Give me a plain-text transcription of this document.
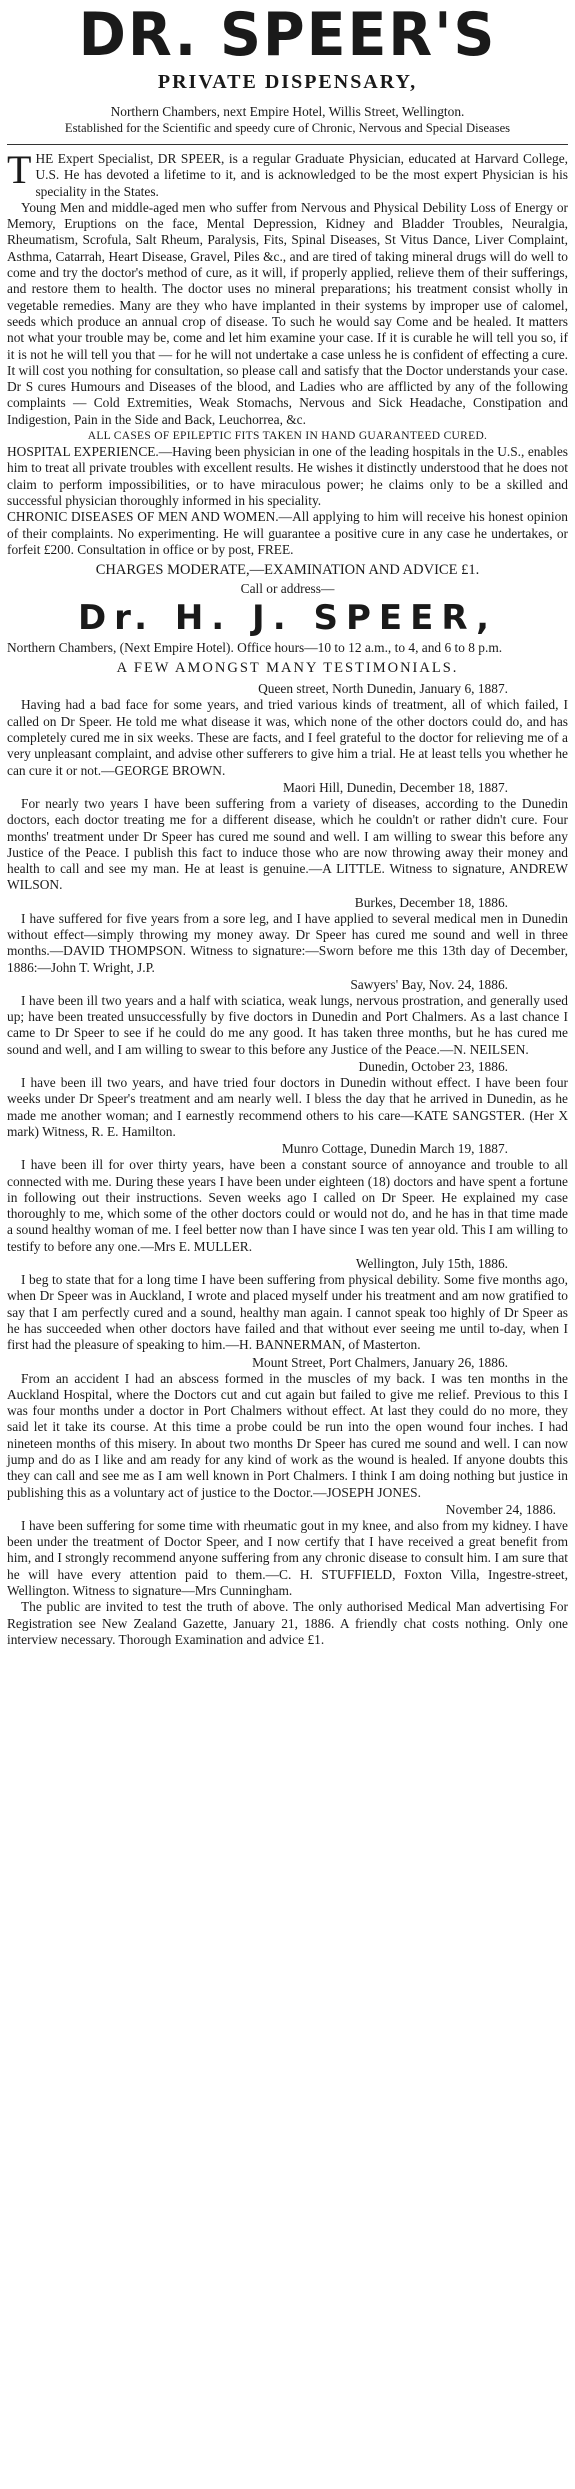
DR. SPEER'S
PRIVATE DISPENSARY,
Northern Chambers, next Empire Hotel, Willis Street, Wellington.
Established for the Scientific and speedy cure of Chronic, Nervous and Special Diseases

T HE Expert Specialist, DR SPEER, is a regular Graduate Physician, educated at Harvard College, U.S. He has devoted a lifetime to it, and is acknowledged to be the most expert Physician is his speciality in the States.

Young Men and middle-aged men who suffer from Nervous and Physical Debility Loss of Energy or Memory, Eruptions on the face, Mental Depression, Kidney and Bladder Troubles, Neuralgia, Rheumatism, Scrofula, Salt Rheum, Paralysis, Fits, Spinal Diseases, St Vitus Dance, Liver Complaint, Asthma, Catarrah, Heart Disease, Gravel, Piles &c., and are tired of taking mineral drugs will do well to come and try the doctor's method of cure, as it will, if properly applied, relieve them of their sufferings, and restore them to health. The doctor uses no mineral preparations; his treatment consist wholly in vegetable remedies. Many are they who have implanted in their systems by improper use of calomel, seeds which produce an annual crop of disease. To such he would say Come and be healed. It matters not what your trouble may be, come and let him examine your case. If it is curable he will tell you so, if it is not he will tell you that — for he will not undertake a case unless he is confident of effecting a cure. It will cost you nothing for consultation, so please call and satisfy that the Doctor understands your case. Dr S cures Humours and Diseases of the blood, and Ladies who are afflicted by any of the following complaints — Cold Extremities, Weak Stomachs, Nervous and Sick Headache, Constipation and Indigestion, Pain in the Side and Back, Leuchorrea, &c.

ALL CASES OF EPILEPTIC FITS TAKEN IN HAND GUARANTEED CURED.

HOSPITAL EXPERIENCE.—Having been physician in one of the leading hospitals in the U.S., enables him to treat all private troubles with excellent results. He wishes it distinctly understood that he does not claim to perform impossibilities, or to have miraculous power; he claims only to be a skilled and successful physician thoroughly informed in his speciality.

CHRONIC DISEASES OF MEN AND WOMEN.—All applying to him will receive his honest opinion of their complaints. No experimenting. He will guarantee a positive cure in any case he undertakes, or forfeit £200. Consultation in office or by post, FREE.

CHARGES MODERATE,—EXAMINATION AND ADVICE £1.
Call or address—
Dr. H. J. SPEER,

Northern Chambers, (Next Empire Hotel). Office hours—10 to 12 a.m., to 4, and 6 to 8 p.m.

A FEW AMONGST MANY TESTIMONIALS.
Queen street, North Dunedin, January 6, 1887.

Having had a bad face for some years, and tried various kinds of treatment, all of which failed, I called on Dr Speer. He told me what disease it was, which none of the other doctors could do, and has completely cured me in six weeks. These are facts, and I feel grateful to the doctor for relieving me of a very unpleasant complaint, and advise other sufferers to give him a trial. He at least tells you whether he can cure it or not.—GEORGE BROWN.

Maori Hill, Dunedin, December 18, 1887.

For nearly two years I have been suffering from a variety of diseases, according to the Dunedin doctors, each doctor treating me for a different disease, which he couldn't or rather didn't cure. Four months' treatment under Dr Speer has cured me sound and well. I am willing to swear this before any Justice of the Peace. I publish this fact to induce those who are now throwing away their money and health to call and see my man. He at least is genuine.—A LITTLE. Witness to signature, ANDREW WILSON.

Burkes, December 18, 1886.

I have suffered for five years from a sore leg, and I have applied to several medical men in Dunedin without effect—simply throwing my money away. Dr Speer has cured me sound and well in three months.—DAVID THOMPSON. Witness to signature:—Sworn before me this 13th day of December, 1886:—John T. Wright, J.P.

Sawyers' Bay, Nov. 24, 1886.

I have been ill two years and a half with sciatica, weak lungs, nervous prostration, and generally used up; have been treated unsuccessfully by five doctors in Dunedin and Port Chalmers. As a last chance I came to Dr Speer to see if he could do me any good. It has taken three months, but he has cured me sound and well, and I am willing to swear to this before any Justice of the Peace.—N. NEILSEN.

Dunedin, October 23, 1886.

I have been ill two years, and have tried four doctors in Dunedin without effect. I have been four weeks under Dr Speer's treatment and am nearly well. I bless the day that he arrived in Dunedin, as he made me another woman; and I earnestly recommend others to his care—KATE SANGSTER. (Her X mark) Witness, R. E. Hamilton.

Munro Cottage, Dunedin March 19, 1887.

I have been ill for over thirty years, have been a constant source of annoyance and trouble to all connected with me. During these years I have been under eighteen (18) doctors and have spent a fortune in following out their instructions. Seven weeks ago I called on Dr Speer. He explained my case thoroughly to me, which some of the other doctors could or would not do, and he has in that time made a sound healthy woman of me. I feel better now than I have since I was ten year old. This I am willing to testify to before any one.—Mrs E. MULLER.

Wellington, July 15th, 1886.

I beg to state that for a long time I have been suffering from physical debility. Some five months ago, when Dr Speer was in Auckland, I wrote and placed myself under his treatment and am now gratified to say that I am perfectly cured and a sound, healthy man again. I cannot speak too highly of Dr Speer as he has succeeded when other doctors have failed and that without ever seeing me until to-day, when I first had the pleasure of speaking to him.—H. BANNERMAN, of Masterton.

Mount Street, Port Chalmers, January 26, 1886.

From an accident I had an abscess formed in the muscles of my back. I was ten months in the Auckland Hospital, where the Doctors cut and cut again but failed to give me relief. Previous to this I was four months under a doctor in Port Chalmers without effect. At last they could do no more, they said let it take its course. At this time a probe could be run into the open wound four inches. I had nineteen months of this misery. In about two months Dr Speer has cured me sound and well. I can now jump and do as I like and am ready for any kind of work as the wound is healed. If anyone doubts this they can call and see me as I am well known in Port Chalmers. I think I am doing nothing but justice in publishing this as a voluntary act of justice to the Doctor.—JOSEPH JONES.

November 24, 1886.

I have been suffering for some time with rheumatic gout in my knee, and also from my kidney. I have been under the treatment of Doctor Speer, and I now certify that I have received a great benefit from him, and I strongly recommend anyone suffering from any chronic disease to consult him. I am sure that he will have every attention paid to them.—C. H. STUFFIELD, Foxton Villa, Ingestre-street, Wellington. Witness to signature—Mrs Cunningham.

The public are invited to test the truth of above. The only authorised Medical Man advertising For Registration see New Zealand Gazette, January 21, 1886. A friendly chat costs nothing. Only one interview necessary. Thorough Examination and advice £1.
